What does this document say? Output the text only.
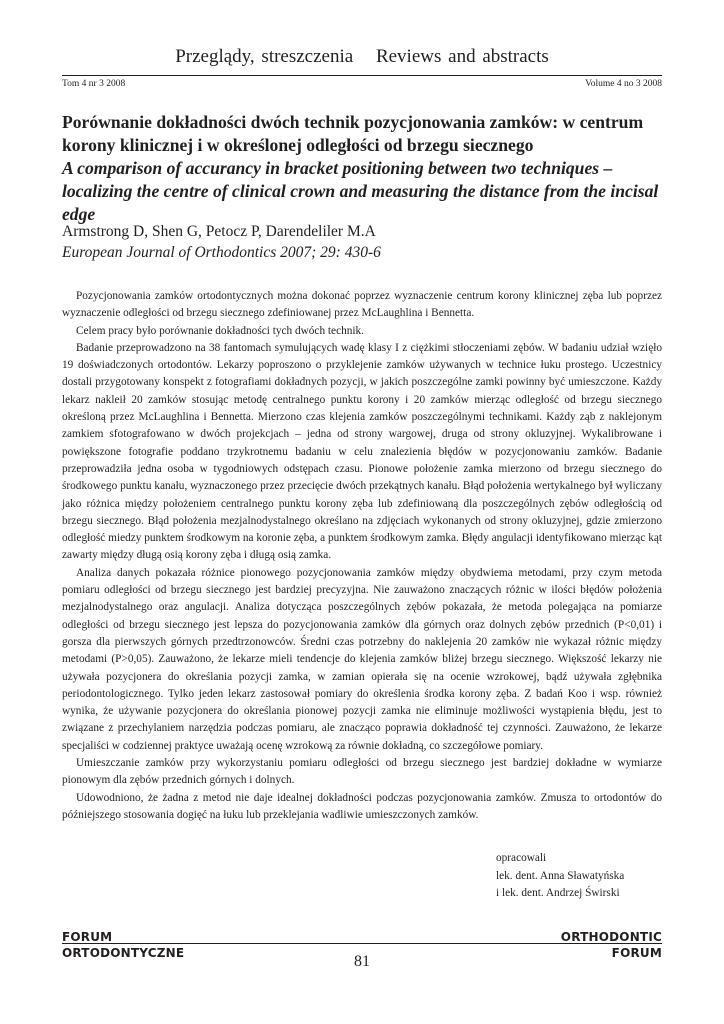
Przeglądy, streszczenia Reviews and abstracts
Tom 4 nr 3 2008	Volume 4 no 3 2008
Porównanie dokładności dwóch technik pozycjonowania zamków: w centrum korony klinicznej i w określonej odległości od brzegu siecznego
A comparison of accurancy in bracket positioning between two techniques – localizing the centre of clinical crown and measuring the distance from the incisal edge
Armstrong D, Shen G, Petocz P, Darendeliler M.A
European Journal of Orthodontics 2007; 29: 430-6

Pozycjonowania zamków ortodontycznych można dokonać poprzez wyznaczenie centrum korony klinicznej zęba lub poprzez wyznaczenie odległości od brzegu siecznego zdefiniowanej przez McLaughlina i Bennetta.

Celem pracy było porównanie dokładności tych dwóch technik.

Badanie przeprowadzono na 38 fantomach symulujących wadę klasy I z ciężkimi stłoczeniami zębów. W badaniu udział wzięło 19 doświadczonych ortodontów. Lekarzy poproszono o przyklejenie zamków używanych w technice łuku prostego. Uczestnicy dostali przygotowany konspekt z fotografiami dokładnych pozycji, w jakich poszczególne zamki powinny być umieszczone. Każdy lekarz nakleił 20 zamków stosując metodę centralnego punktu korony i 20 zamków mierząc odległość od brzegu siecznego określoną przez McLaughlina i Bennetta. Mierzono czas klejenia zamków poszczególnymi technikami. Każdy ząb z naklejonym zamkiem sfotografowano w dwóch projekcjach – jedna od strony wargowej, druga od strony okluzyjnej. Wykalibrowane i powiększone fotografie poddano trzykrotnemu badaniu w celu znalezienia błędów w pozycjonowaniu zamków. Badanie przeprowadziła jedna osoba w tygodniowych odstępach czasu. Pionowe położenie zamka mierzono od brzegu siecznego do środkowego punktu kanału, wyznaczonego przez przecięcie dwóch przekątnych kanału. Błąd położenia wertykalnego był wyliczany jako różnica między położeniem centralnego punktu korony zęba lub zdefiniowaną dla poszczególnych zębów odległością od brzegu siecznego. Błąd położenia mezjalnodystalnego określano na zdjęciach wykonanych od strony okluzyjnej, gdzie zmierzono odległość miedzy punktem środkowym na koronie zęba, a punktem środkowym zamka. Błędy angulacji identyfikowano mierząc kąt zawarty między długą osią korony zęba i długą osią zamka.

Analiza danych pokazała różnice pionowego pozycjonowania zamków między obydwiema metodami, przy czym metoda pomiaru odległości od brzegu siecznego jest bardziej precyzyjna. Nie zauważono znaczących różnic w ilości błędów położenia mezjalnodystalnego oraz angulacji. Analiza dotycząca poszczególnych zębów pokazała, że metoda polegająca na pomiarze odległości od brzegu siecznego jest lepsza do pozycjonowania zamków dla górnych oraz dolnych zębów przednich (P<0,01) i gorsza dla pierwszych górnych przedtrzonowców. Średni czas potrzebny do naklejenia 20 zamków nie wykazał różnic między metodami (P>0,05). Zauważono, że lekarze mieli tendencje do klejenia zamków bliżej brzegu siecznego. Większość lekarzy nie używała pozycjonera do określania pozycji zamka, w zamian opierała się na ocenie wzrokowej, bądź używała zgłębnika periodontologicznego. Tylko jeden lekarz zastosował pomiary do określenia środka korony zęba. Z badań Koo i wsp. również wynika, że używanie pozycjonera do określania pionowej pozycji zamka nie eliminuje możliwości wystąpienia błędu, jest to związane z przechylaniem narzędzia podczas pomiaru, ale znacząco poprawia dokładność tej czynności. Zauważono, że lekarze specjaliści w codziennej praktyce uważają ocenę wzrokową za równie dokładną, co szczegółowe pomiary.

Umieszczanie zamków przy wykorzystaniu pomiaru odległości od brzegu siecznego jest bardziej dokładne w wymiarze pionowym dla zębów przednich górnych i dolnych.

Udowodniono, że żadna z metod nie daje idealnej dokładności podczas pozycjonowania zamków. Zmusza to ortodontów do późniejszego stosowania dogięć na łuku lub przeklejania wadliwie umieszczonych zamków.

opracowali
lek. dent. Anna Sławatyńska
i lek. dent. Andrzej Świrski
FORUM
ORTODONTYCZNE
ORTHODONTIC
FORUM
81
